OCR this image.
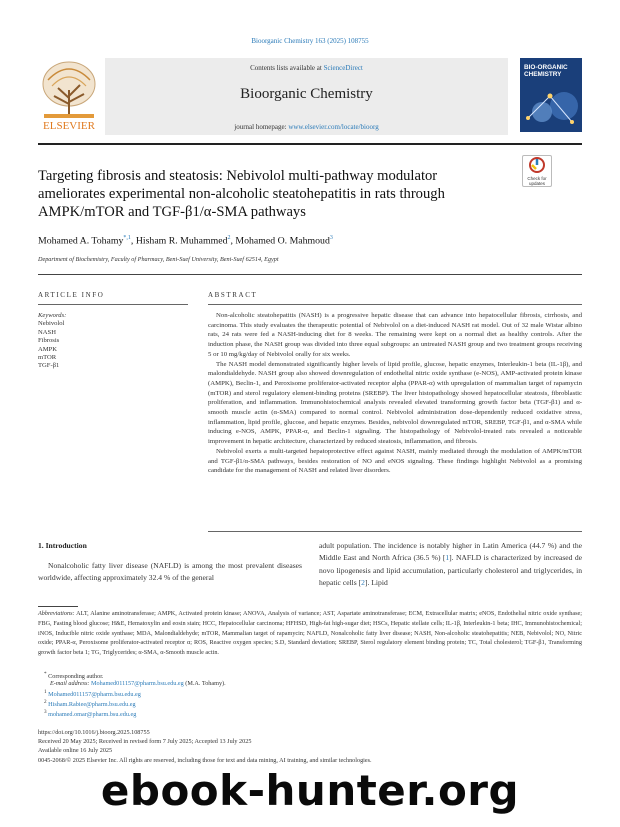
Bioorganic Chemistry 163 (2025) 108755
ELSEVIER
Contents lists available at ScienceDirect
Bioorganic Chemistry
journal homepage: www.elsevier.com/locate/bioorg
BIO-ORGANIC CHEMISTRY
Check for updates
Targeting fibrosis and steatosis: Nebivolol multi-pathway modulator ameliorates experimental non-alcoholic steatohepatitis in rats through AMPK/mTOR and TGF-β1/α-SMA pathways
Mohamed A. Tohamy$^{*,1}$, Hisham R. Muhammed$^2$, Mohamed O. Mahmoud$^3$
Department of Biochemistry, Faculty of Pharmacy, Beni-Suef University, Beni-Suef 62514, Egypt
ARTICLE INFO
Keywords:
Nebivolol
NASH
Fibrosis
AMPK
mTOR
TGF-β1
ABSTRACT

Non-alcoholic steatohepatitis (NASH) is a progressive hepatic disease that can advance into hepatocellular fibrosis, cirrhosis, and carcinoma. This study evaluates the therapeutic potential of Nebivolol on a diet-induced NASH rat model. Out of 32 male Wistar albino rats, 24 rats were fed a NASH-inducing diet for 8 weeks. The remaining were kept on a normal diet as healthy controls. After the induction phase, the NASH group was divided into three equal subgroups: an untreated NASH group and two treatment groups receiving 5 or 10 mg/kg/day of Nebivolol orally for six weeks.

The NASH model demonstrated significantly higher levels of lipid profile, glucose, hepatic enzymes, Interleukin-1 beta (IL-1β), and malondialdehyde. NASH group also showed downregulation of endothelial nitric oxide synthase (e-NOS), AMP-activated protein kinase (AMPK), Beclin-1, and Peroxisome proliferator-activated receptor alpha (PPAR-α) with upregulation of mammalian target of rapamycin (mTOR) and sterol regulatory element-binding proteins (SREBP). The liver histopathology showed hepatocellular steatosis, fibroblastic proliferation, and inflammation. Immunohistochemical analysis revealed elevated transforming growth factor beta (TGF-β1) and α-smooth muscle actin (α-SMA) compared to normal control. Nebivolol administration dose-dependently reduced oxidative stress, inflammation, lipid profile, glucose, and hepatic enzymes. Besides, nebivolol downregulated mTOR, SREBP, TGF-β1, and α-SMA while inducing e-NOS, AMPK, PPAR-α, and Beclin-1 signaling. The histopathology of Nebivolol-treated rats revealed a noticeable improvement in hepatic architecture, characterized by reduced steatosis, inflammation, and fibrosis.

Nebivolol exerts a multi-targeted hepatoprotective effect against NASH, mainly mediated through the modulation of AMPK/mTOR and TGF-β1/α-SMA pathways, besides restoration of NO and eNOS signaling. These findings highlight Nebivolol as a promising candidate for the management of NASH and related liver disorders.

1. Introduction

Nonalcoholic fatty liver disease (NAFLD) is among the most prevalent diseases worldwide, affecting approximately 32.4 % of the general

adult population. The incidence is notably higher in Latin America (44.7 %) and the Middle East and North Africa (36.5 %) [1]. NAFLD is characterized by increased de novo lipogenesis and lipid accumulation, particularly cholesterol and triglycerides, in hepatic cells [2]. Lipid

Abbreviations: ALT, Alanine aminotransferase; AMPK, Activated protein kinase; ANOVA, Analysis of variance; AST, Aspartate aminotransferase; ECM, Extracellular matrix; eNOS, Endothelial nitric oxide synthase; FBG, Fasting blood glucose; H&E, Hematoxylin and eosin stain; HCC, Hepatocellular carcinoma; HFHSD, High-fat high-sugar diet; HSCs, Hepatic stellate cells; IL-1β, Interleukin-1 beta; IHC, Immunohistochemical; iNOS, Inducible nitric oxide synthase; MDA, Malondialdehyde; mTOR, Mammalian target of rapamycin; NAFLD, Nonalcoholic fatty liver disease; NASH, Non-alcoholic steatohepatitis; NEB, Nebivolol; NO, Nitric oxide; PPAR-α, Peroxisome proliferator-activated receptor α; ROS, Reactive oxygen species; S.D, Standard deviation; SREBP, Sterol regulatory element binding protein; TC, Total cholesterol; TGF-β1, Transforming growth factor beta 1; TG, Triglycerides; α-SMA, α-Smooth muscle actin.
* Corresponding author.
E-mail address: Mohamed011157@pharm.bsu.edu.eg (M.A. Tohamy).
$^1$ Mohamed011157@pharm.bsu.edu.eg
$^2$ Hisham.Rabiee@pharm.bsu.edu.eg
$^3$ mohamed.omar@pharm.bsu.edu.eg
https://doi.org/10.1016/j.bioorg.2025.108755
Received 20 May 2025; Received in revised form 7 July 2025; Accepted 13 July 2025
Available online 16 July 2025
0045-2068/© 2025 Elsevier Inc. All rights are reserved, including those for text and data mining, AI training, and similar technologies.
ebook-hunter.org
